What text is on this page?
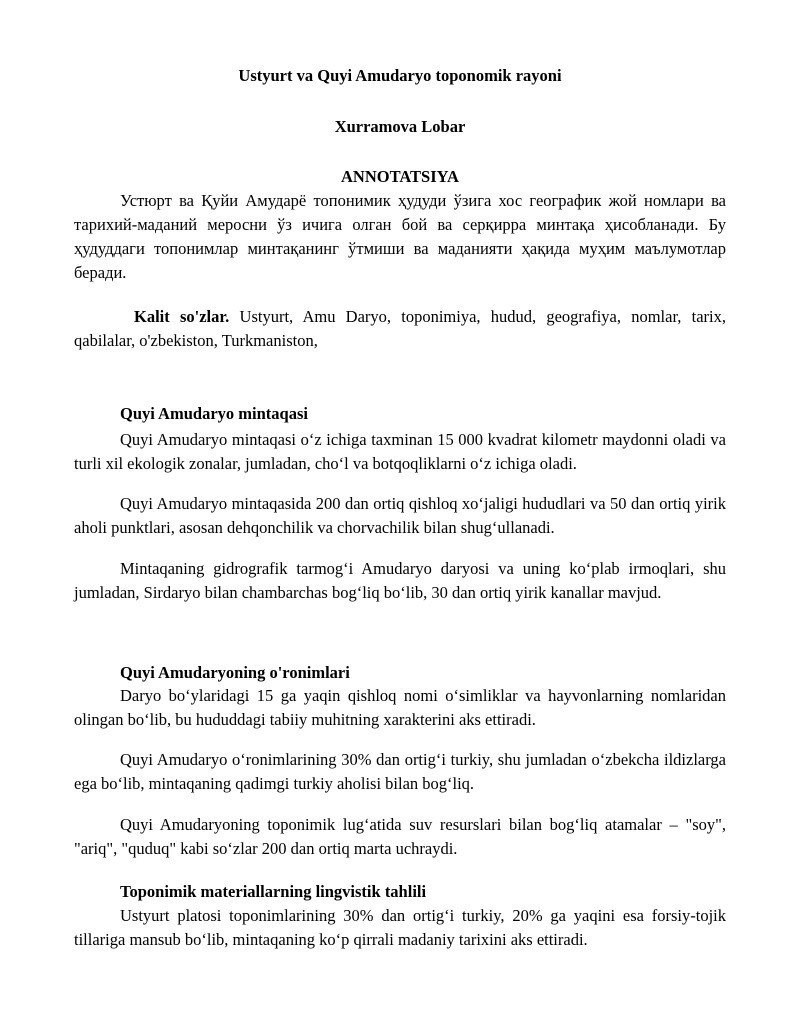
Ustyurt va Quyi Amudaryo toponomik rayoni
Xurramova Lobar
ANNOTATSIYA
Устюрт ва Қуйи Амударё топонимик ҳудуди ўзига хос географик жой номлари ва тарихий-маданий меросни ўз ичига олган бой ва серқирра минтақа ҳисобланади. Бу ҳудуддаги топонимлар минтақанинг ўтмиши ва маданияти ҳақида муҳим маълумотлар беради.
Kalit so'zlar. Ustyurt, Amu Daryo, toponimiya, hudud, geografiya, nomlar, tarix, qabilalar, o'zbekiston, Turkmaniston,
Quyi Amudaryo mintaqasi
Quyi Amudaryo mintaqasi o‘z ichiga taxminan 15 000 kvadrat kilometr maydonni oladi va turli xil ekologik zonalar, jumladan, cho‘l va botqoqliklarni o‘z ichiga oladi.
Quyi Amudaryo mintaqasida 200 dan ortiq qishloq xo‘jaligi hududlari va 50 dan ortiq yirik aholi punktlari, asosan dehqonchilik va chorvachilik bilan shug‘ullanadi.
Mintaqaning gidrografik tarmog‘i Amudaryo daryosi va uning ko‘plab irmoqlari, shu jumladan, Sirdaryo bilan chambarchas bog‘liq bo‘lib, 30 dan ortiq yirik kanallar mavjud.
Quyi Amudaryoning o'ronimlari
Daryo bo‘ylaridagi 15 ga yaqin qishloq nomi o‘simliklar va hayvonlarning nomlaridan olingan bo‘lib, bu hududdagi tabiiy muhitning xarakterini aks ettiradi.
Quyi Amudaryo o‘ronimlarining 30% dan ortig‘i turkiy, shu jumladan o‘zbekcha ildizlarga ega bo‘lib, mintaqaning qadimgi turkiy aholisi bilan bog‘liq.
Quyi Amudaryoning toponimik lug‘atida suv resurslari bilan bog‘liq atamalar – "soy", "ariq", "quduq" kabi so‘zlar 200 dan ortiq marta uchraydi.
Toponimik materiallarning lingvistik tahlili
Ustyurt platosi toponimlarining 30% dan ortig‘i turkiy, 20% ga yaqini esa forsiy-tojik tillariga mansub bo‘lib, mintaqaning ko‘p qirrali madaniy tarixini aks ettiradi.
